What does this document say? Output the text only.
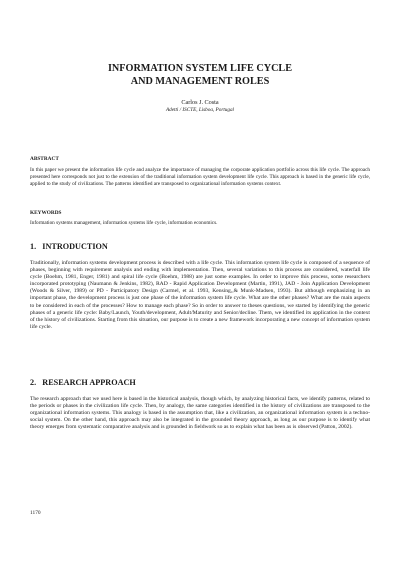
INFORMATION SYSTEM LIFE CYCLE
AND MANAGEMENT ROLES

Carlos J. Costa

Adetti / ISCTE, Lisboa, Portugal

ABSTRACT

In this paper we present the information life cycle and analyze the importance of managing the corporate application portfolio across this life cycle. The approach presented here corresponds not just to the extension of the traditional information system development life cycle. This approach is based in the generic life cycle, applied to the study of civilizations. The patterns identified are transposed to organizational information systems context.

KEYWORDS

Information systems management, information systems life cycle, information economics.

1.   INTRODUCTION

Traditionally, information systems development process is described with a life cycle. This information system life cycle is composed of a sequence of phases, beginning with requirement analysis and ending with implementation. Then, several variations to this process are considered, waterfall life cycle (Boehm, 1981, Enger, 1981) and spiral life cycle (Boehm, 1988) are just some examples. In order to improve this process, some researchers incorporated prototyping (Naumann & Jenkins, 1982), RAD - Rapid Application Development (Martin, 1991), JAD - Join Application Development (Woods & Silver, 1989) or PD - Participatory Design (Carmel, et al. 1993, Kensing,,& Munk-Madsen, 1993). But although emphasizing in an important phase, the development process is just one phase of the information system life cycle. What are the other phases? What are the main aspects to be considered in each of the processes? How to manage each phase? So in order to answer to theses questions, we started by identifying the generic phases of a generic life cycle: Baby/Launch, Youth/development, Adult/Maturity and Senior/decline. Them, we identified its application in the context of the history of civilizations. Starting from this situation, our purpose is to create a new framework incorporating a new concept of information system life cycle.

2.   RESEARCH APPROACH

The research approach that we used here is based in the historical analysis, though which, by analyzing historical facts, we identify patterns, related to the periods or phases in the civilization life cycle. Then, by analogy, the same categories identified in the history of civilizations are transposed to the organizational information systems. This analogy is based in the assumption that, like a civilization, an organizational information system is a techno-social system. On the other hand, this approach may also be integrated in the grounded theory approach, as long as our purpose is to identify what theory emerges from systematic comparative analysis and is grounded in fieldwork so as to explain what has been as is observed (Patton, 2002).

1170
